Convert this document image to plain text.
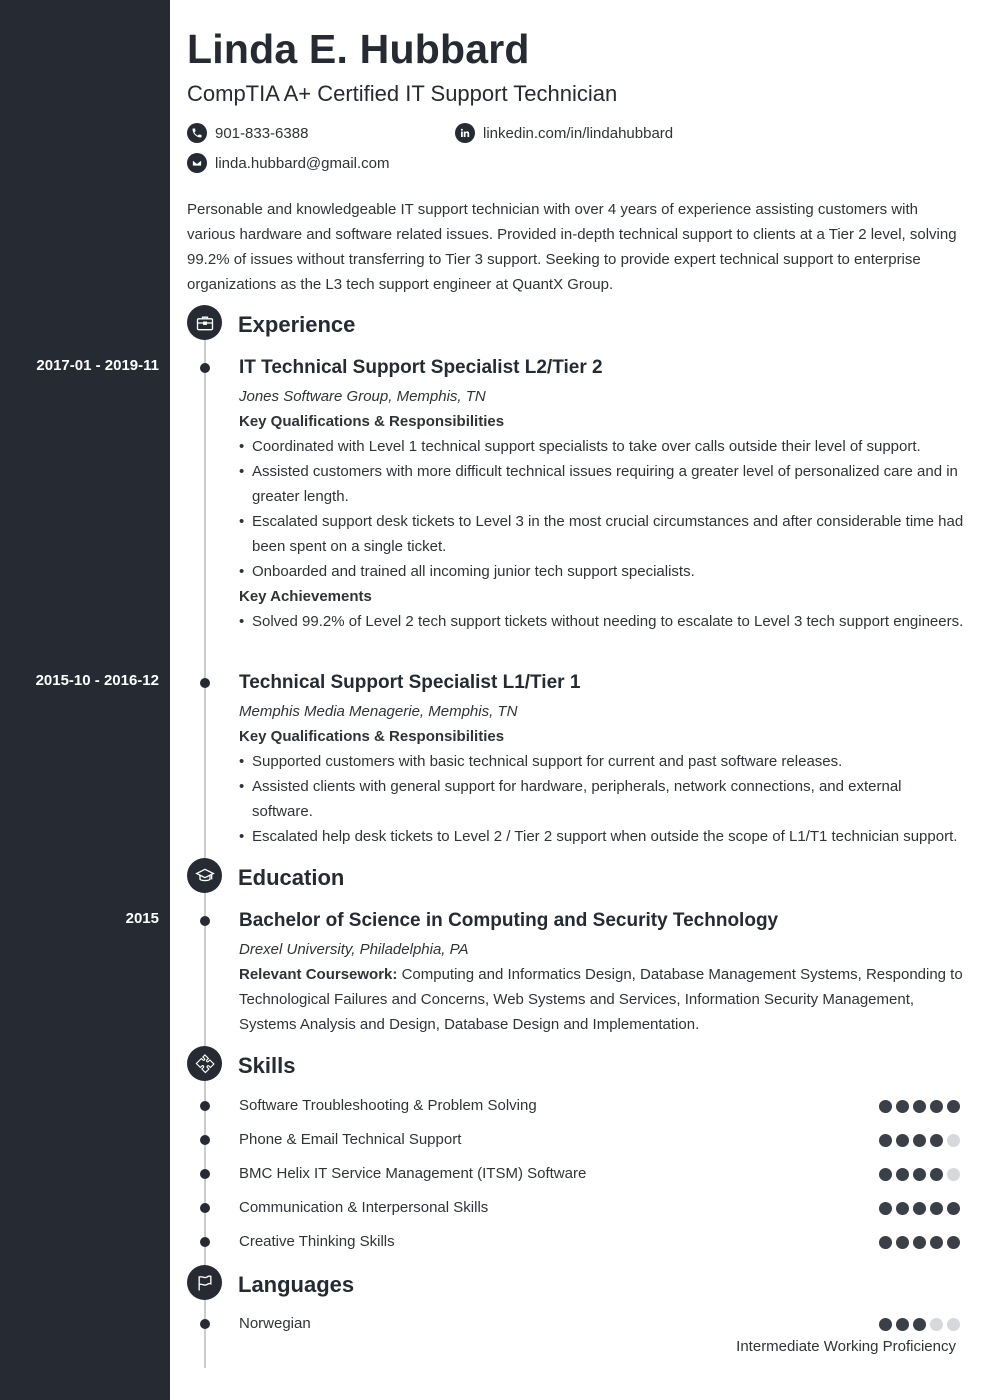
Linda E. Hubbard
CompTIA A+ Certified IT Support Technician
901-833-6388	linkedin.com/in/lindahubbard
linda.hubbard@gmail.com

Personable and knowledgeable IT support technician with over 4 years of experience assisting customers with various hardware and software related issues. Provided in-depth technical support to clients at a Tier 2 level, solving 99.2% of issues without transferring to Tier 3 support. Seeking to provide expert technical support to enterprise organizations as the L3 tech support engineer at QuantX Group.

Experience
2017-01 - 2019-11	IT Technical Support Specialist L2/Tier 2
Jones Software Group, Memphis, TN
Key Qualifications & Responsibilities
• Coordinated with Level 1 technical support specialists to take over calls outside their level of support.
• Assisted customers with more difficult technical issues requiring a greater level of personalized care and in greater length.
• Escalated support desk tickets to Level 3 in the most crucial circumstances and after considerable time had been spent on a single ticket.
• Onboarded and trained all incoming junior tech support specialists.
Key Achievements
• Solved 99.2% of Level 2 tech support tickets without needing to escalate to Level 3 tech support engineers.
2015-10 - 2016-12	Technical Support Specialist L1/Tier 1
Memphis Media Menagerie, Memphis, TN
Key Qualifications & Responsibilities
• Supported customers with basic technical support for current and past software releases.
• Assisted clients with general support for hardware, peripherals, network connections, and external software.
• Escalated help desk tickets to Level 2 / Tier 2 support when outside the scope of L1/T1 technician support.
Education
2015	Bachelor of Science in Computing and Security Technology
Drexel University, Philadelphia, PA
Relevant Coursework: Computing and Informatics Design, Database Management Systems, Responding to Technological Failures and Concerns, Web Systems and Services, Information Security Management, Systems Analysis and Design, Database Design and Implementation.
Skills
Software Troubleshooting & Problem Solving
Phone & Email Technical Support
BMC Helix IT Service Management (ITSM) Software
Communication & Interpersonal Skills
Creative Thinking Skills
Languages
Norwegian
Intermediate Working Proficiency
